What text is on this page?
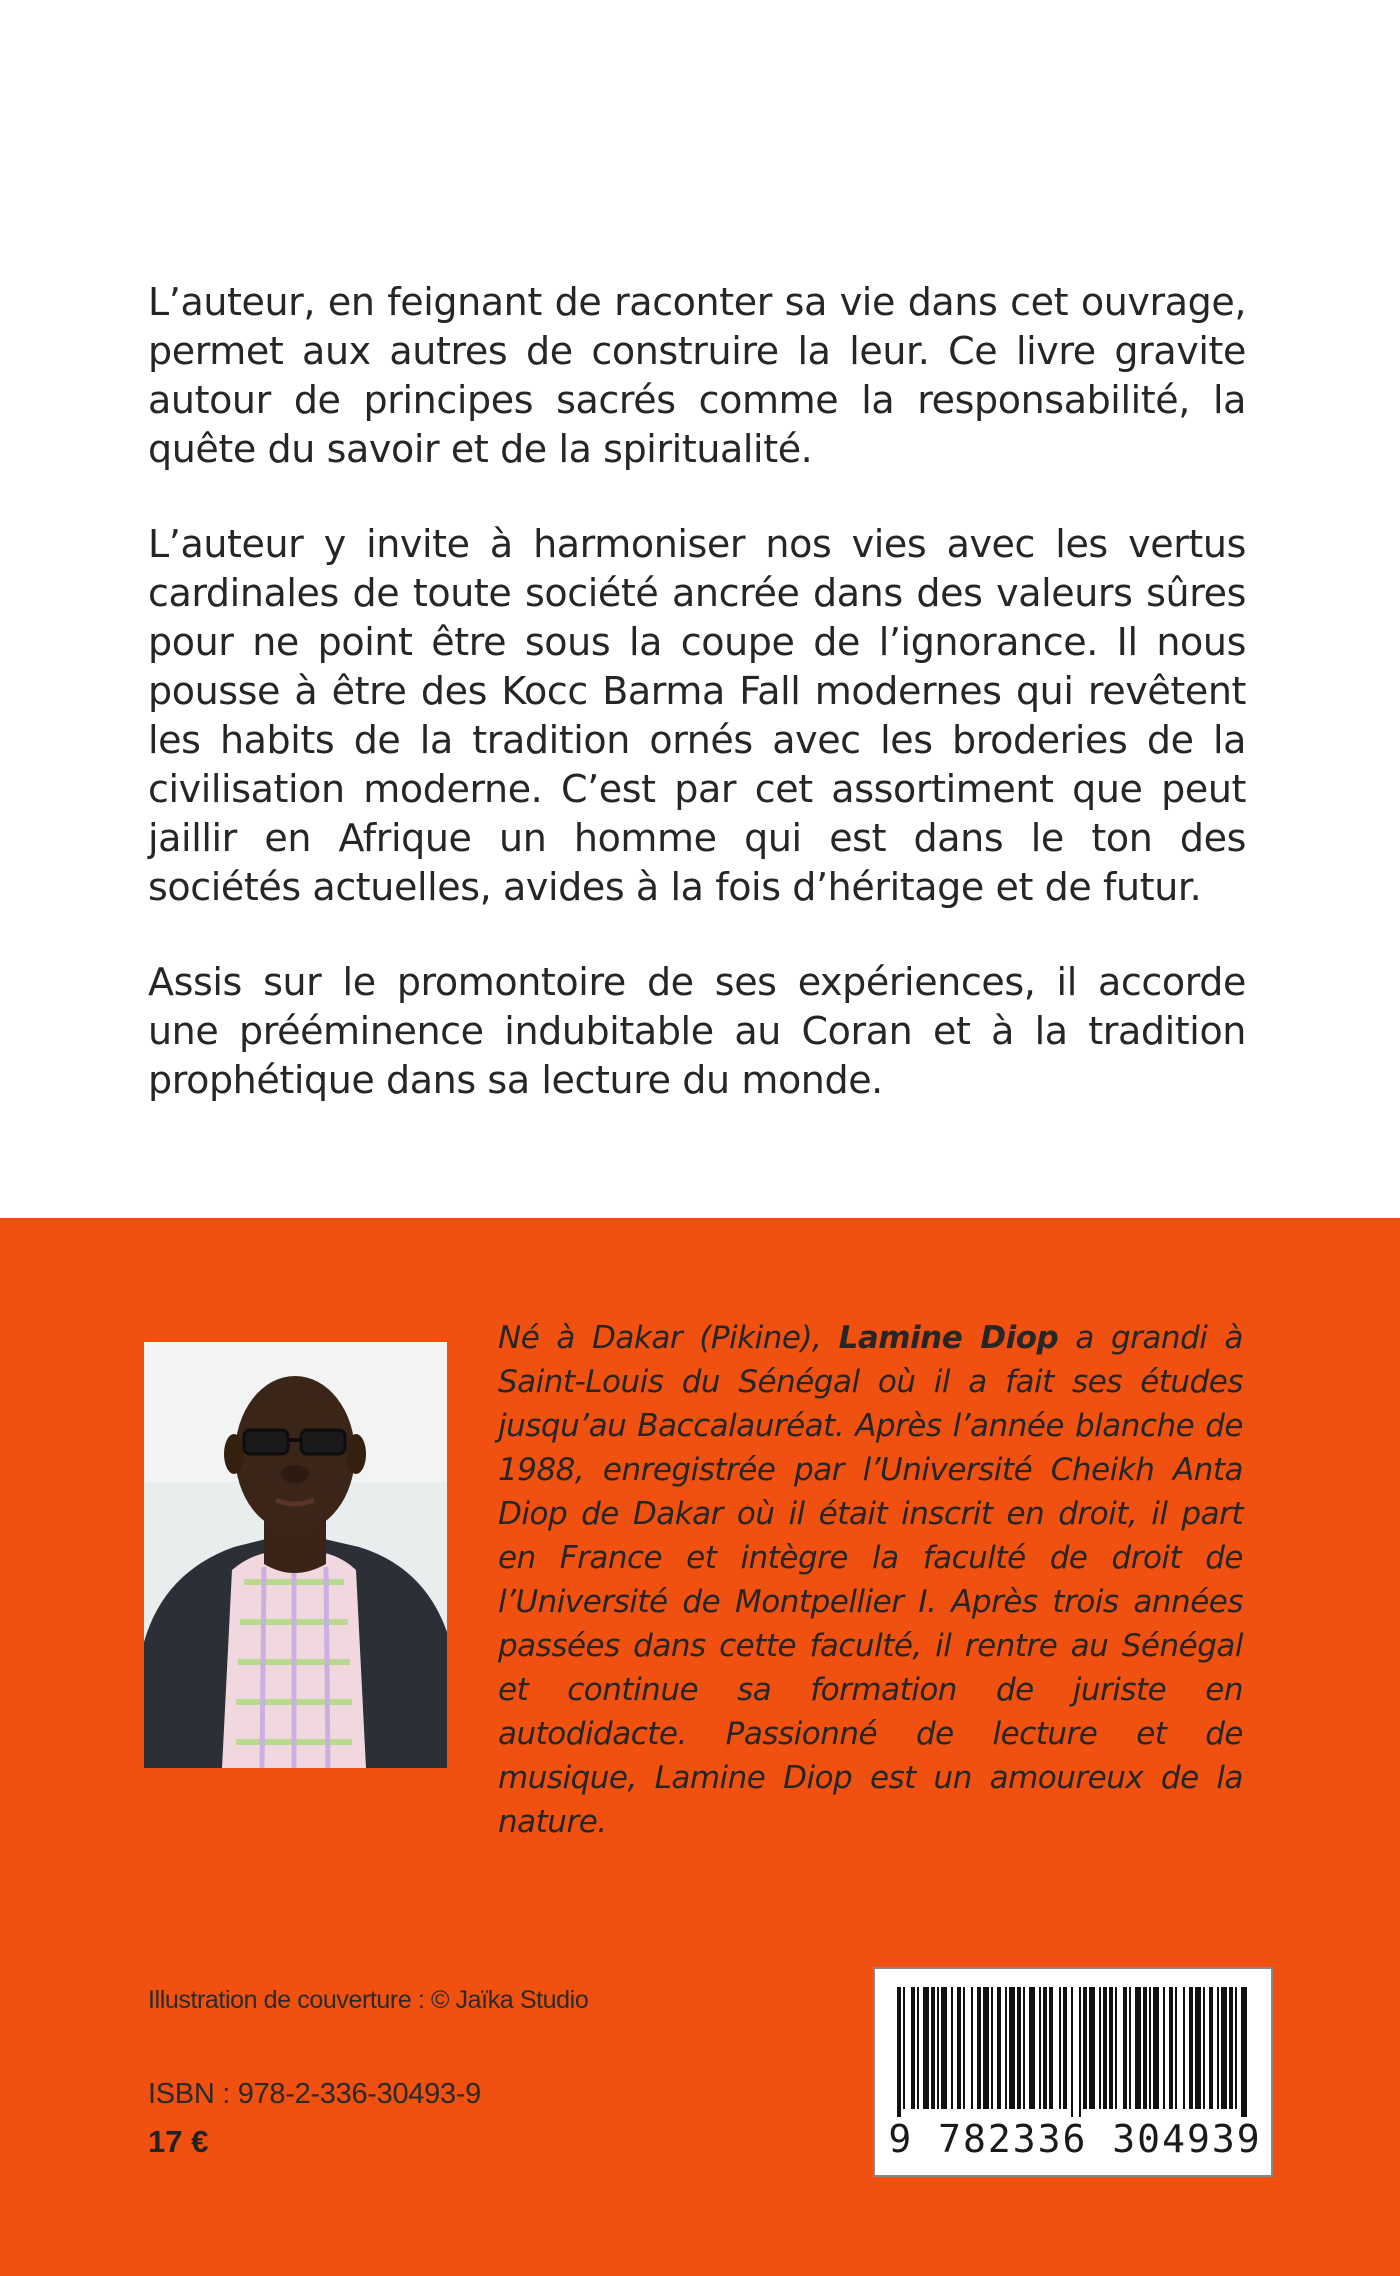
L’auteur, en feignant de raconter sa vie dans cet ouvrage, permet aux autres de construire la leur. Ce livre gravite autour de principes sacrés comme la responsabilité, la quête du savoir et de la spiritualité.

L’auteur y invite à harmoniser nos vies avec les vertus cardinales de toute société ancrée dans des valeurs sûres pour ne point être sous la coupe de l’ignorance. Il nous pousse à être des Kocc Barma Fall modernes qui revêtent les habits de la tradition ornés avec les broderies de la civilisation moderne. C’est par cet assortiment que peut jaillir en Afrique un homme qui est dans le ton des sociétés actuelles, avides à la fois d’héritage et de futur.

Assis sur le promontoire de ses expériences, il accorde une prééminence indubitable au Coran et à la tradition prophétique dans sa lecture du monde.

Né à Dakar (Pikine), Lamine Diop a grandi à Saint-Louis du Sénégal où il a fait ses études jusqu’au Baccalauréat. Après l’année blanche de 1988, enregistrée par l’Université Cheikh Anta Diop de Dakar où il était inscrit en droit, il part en France et intègre la faculté de droit de l’Université de Montpellier I. Après trois années passées dans cette faculté, il rentre au Sénégal et continue sa formation de juriste en autodidacte. Passionné de lecture et de musique, Lamine Diop est un amoureux de la nature.

Illustration de couverture : © Jaïka Studio
ISBN : 978-2-336-30493-9
17 €	9 782336 304939
